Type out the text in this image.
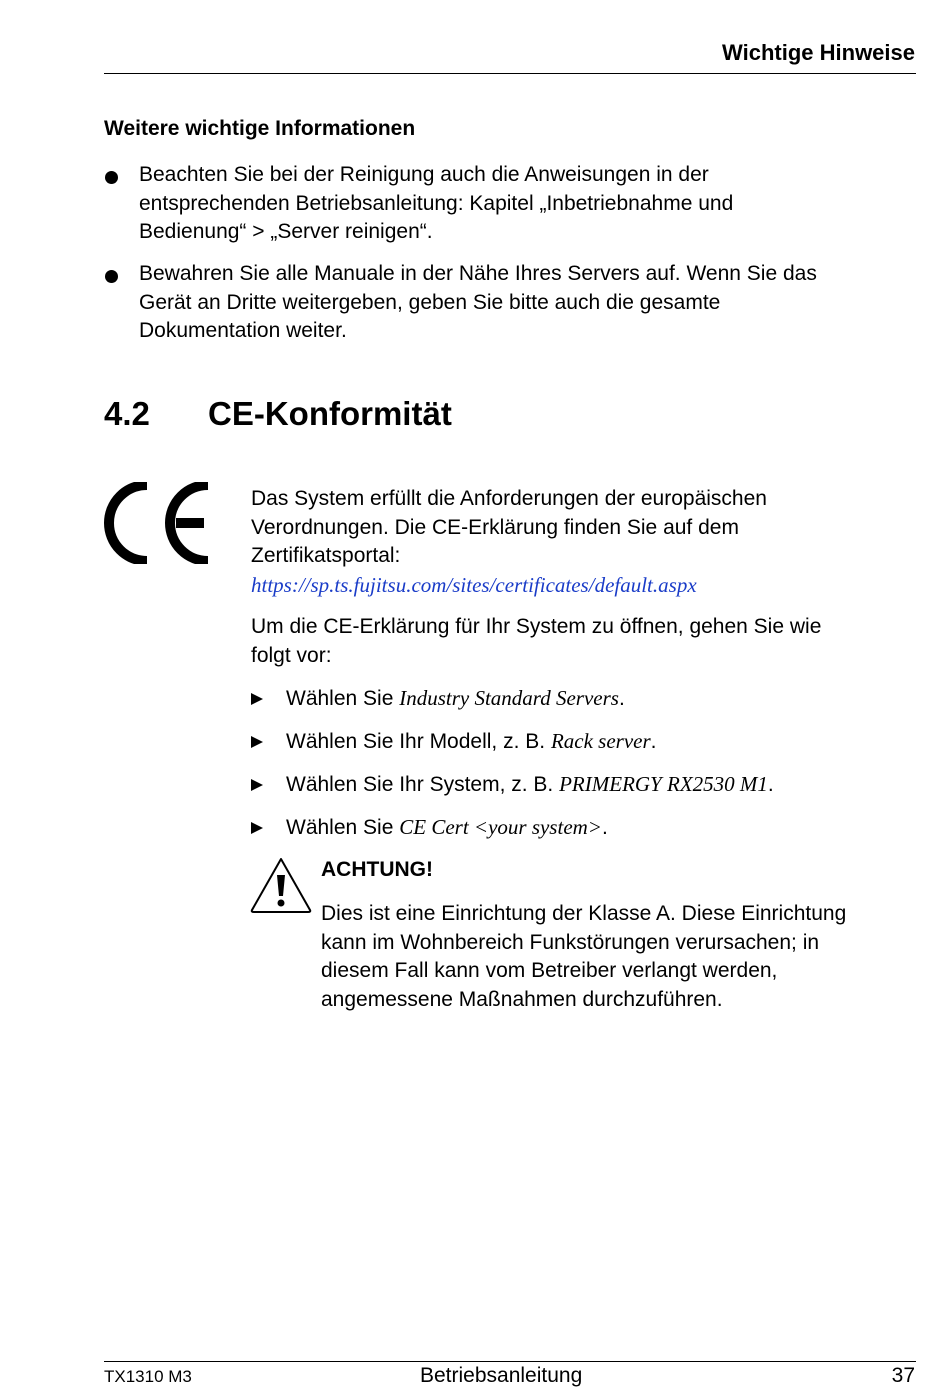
Wichtige Hinweise
Weitere wichtige Informationen
Beachten Sie bei der Reinigung auch die Anweisungen in der
entsprechenden Betriebsanleitung: Kapitel „Inbetriebnahme und
Bedienung“ > „Server reinigen“.
Bewahren Sie alle Manuale in der Nähe Ihres Servers auf. Wenn Sie das
Gerät an Dritte weitergeben, geben Sie bitte auch die gesamte
Dokumentation weiter.
4.2 CE-Konformität
Das System erfüllt die Anforderungen der europäischen
Verordnungen. Die CE-Erklärung finden Sie auf dem
Zertifikatsportal:
https://sp.ts.fujitsu.com/sites/certificates/default.aspx
Um die CE-Erklärung für Ihr System zu öffnen, gehen Sie wie
folgt vor:
Wählen Sie Industry Standard Servers.
Wählen Sie Ihr Modell, z. B. Rack server.
Wählen Sie Ihr System, z. B. PRIMERGY RX2530 M1.
Wählen Sie CE Cert <your system>.
ACHTUNG!
Dies ist eine Einrichtung der Klasse A. Diese Einrichtung
kann im Wohnbereich Funkstörungen verursachen; in
diesem Fall kann vom Betreiber verlangt werden,
angemessene Maßnahmen durchzuführen.
TX1310 M3	Betriebsanleitung	37
